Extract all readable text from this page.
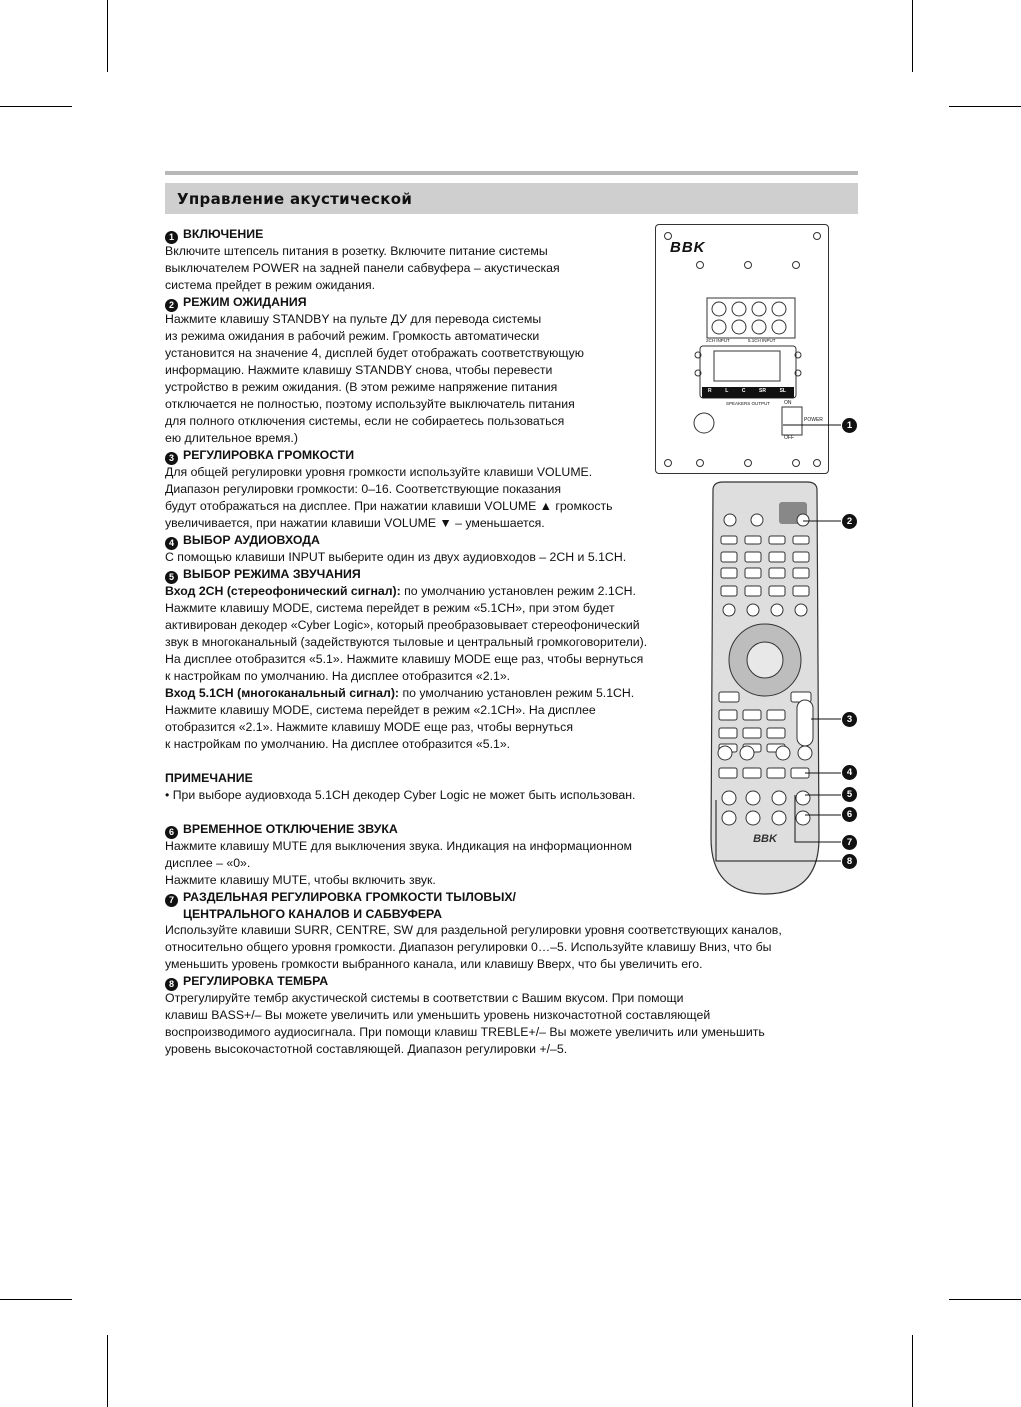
Управление акустической
1 ВКЛЮЧЕНИЕ
Включите штепсель питания в розетку. Включите питание системы
выключателем POWER на задней панели сабвуфера – акустическая
система прейдет в режим ожидания.
2 РЕЖИМ ОЖИДАНИЯ
Нажмите клавишу STANDBY на пульте ДУ для перевода системы
из режима ожидания в рабочий режим. Громкость автоматически
установится на значение 4, дисплей будет отображать соответствующую
информацию. Нажмите клавишу STANDBY снова, чтобы перевести
устройство в режим ожидания. (В этом режиме напряжение питания
отключается не полностью, поэтому используйте выключатель питания
для полного отключения системы, если не собираетесь пользоваться
ею длительное время.)
3 РЕГУЛИРОВКА ГРОМКОСТИ
Для общей регулировки уровня громкости используйте клавиши VOLUME.
Диапазон регулировки громкости: 0–16. Соответствующие показания
будут отображаться на дисплее. При нажатии клавиши VOLUME ▲ громкость
увеличивается, при нажатии клавиши VOLUME ▼ – уменьшается.
4 ВЫБОР АУДИОВХОДА
С помощью клавиши INPUT выберите один из двух аудиовходов – 2CH и 5.1CH.
5 ВЫБОР РЕЖИМА ЗВУЧАНИЯ
Вход 2CH (стереофонический сигнал): по умолчанию установлен режим 2.1CH.
Нажмите клавишу MODE, система перейдет в режим «5.1CH», при этом будет
активирован декодер «Cyber Logic», который преобразовывает стереофонический
звук в многоканальный (задействуются тыловые и центральный громкоговорители).
На дисплее отобразится «5.1». Нажмите клавишу MODE еще раз, чтобы вернуться
к настройкам по умолчанию. На дисплее отобразится «2.1».
Вход 5.1CH (многоканальный сигнал): по умолчанию установлен режим 5.1CH.
Нажмите клавишу MODE, система перейдет в режим «2.1CH». На дисплее
отобразится «2.1». Нажмите клавишу MODE еще раз, чтобы вернуться
к настройкам по умолчанию. На дисплее отобразится «5.1».
ПРИМЕЧАНИЕ
• При выборе аудиовхода 5.1CH декодер Cyber Logic не может быть использован.
6 ВРЕМЕННОЕ ОТКЛЮЧЕНИЕ ЗВУКА
Нажмите клавишу MUTE для выключения звука. Индикация на информационном
дисплее – «0».
Нажмите клавишу MUTE, чтобы включить звук.
7 РАЗДЕЛЬНАЯ РЕГУЛИРОВКА ГРОМКОСТИ ТЫЛОВЫХ/
ЦЕНТРАЛЬНОГО КАНАЛОВ И САБВУФЕРА
Используйте клавиши SURR, CENTRE, SW для раздельной регулировки уровня соответствующих каналов,
относительно общего уровня громкости. Диапазон регулировки 0…–5. Используйте клавишу Вниз, что бы
уменьшить уровень громкости выбранного канала, или клавишу Вверх, что бы увеличить его.
8 РЕГУЛИРОВКА ТЕМБРА
Отрегулируйте тембр акустической системы в соответствии с Вашим вкусом. При помощи
клавиш BASS+/– Вы можете увеличить или уменьшить уровень низкочастотной составляющей
воспроизводимого аудиосигнала. При помощи клавиш TREBLE+/– Вы можете увеличить или уменьшить
уровень высокочастотной составляющей. Диапазон регулировки +/–5.
BBK
2CH INPUT	5.1CH INPUT
R	L	C	SR	SL
SPEAKERS OUTPUT	ON
OFF
POWER
BBK
1
2
3
4
5
6
7
8
